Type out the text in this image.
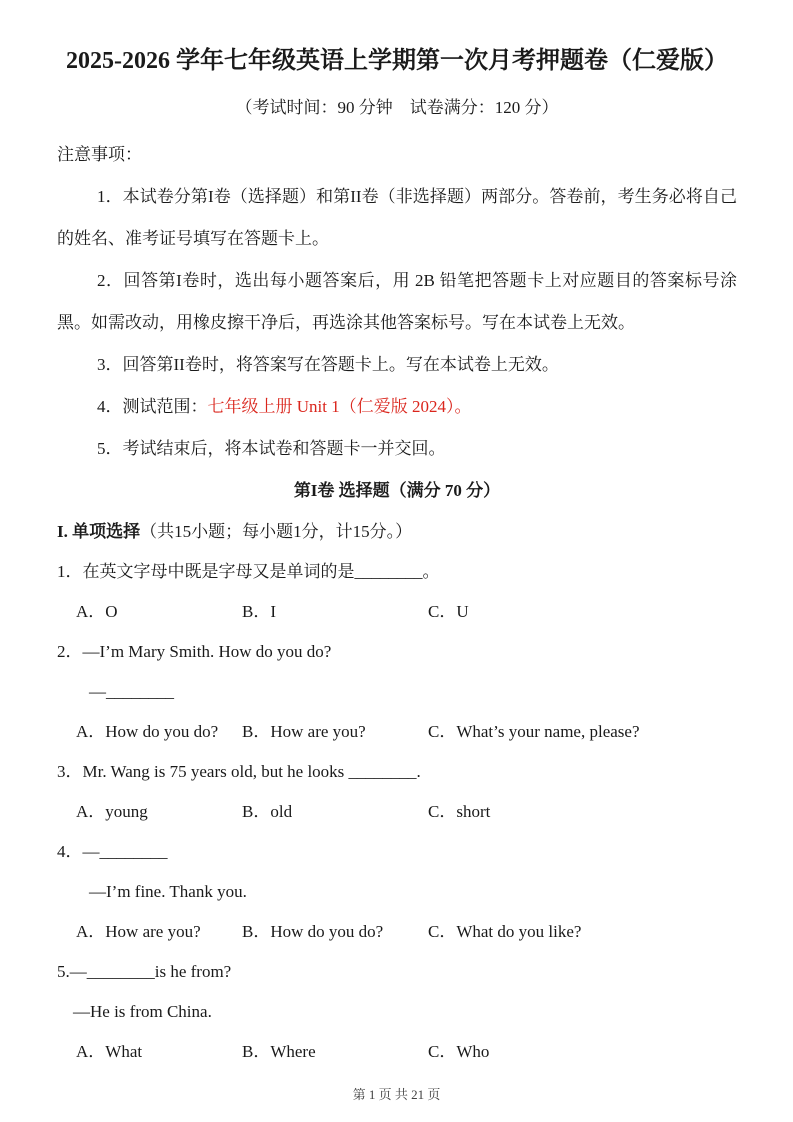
2025-2026 学年七年级英语上学期第一次月考押题卷（仁爱版）
（考试时间：90 分钟　试卷满分：120 分）

注意事项：

1．本试卷分第I卷（选择题）和第II卷（非选择题）两部分。答卷前，考生务必将自己的姓名、准考证号填写在答题卡上。

2．回答第I卷时，选出每小题答案后，用 2B 铅笔把答题卡上对应题目的答案标号涂黑。如需改动，用橡皮擦干净后，再选涂其他答案标号。写在本试卷上无效。

3．回答第II卷时，将答案写在答题卡上。写在本试卷上无效。

4．测试范围：七年级上册 Unit 1（仁爱版 2024）。

5．考试结束后，将本试卷和答题卡一并交回。

第I卷 选择题（满分 70 分）
I. 单项选择（共15小题；每小题1分，计15分。）
1．在英文字母中既是字母又是单词的是________。
A．O	B．I	C．U
2．—I’m Mary Smith. How do you do?
—________
A．How do you do?	B．How are you?	C．What’s your name, please?
3．Mr. Wang is 75 years old, but he looks ________.
A．young	B．old	C．short
4．—________
—I’m fine. Thank you.
A．How are you?	B．How do you do?	C．What do you like?
5.—________is he from?
—He is from China.
A．What	B．Where	C．Who
第 1 页 共 21 页
